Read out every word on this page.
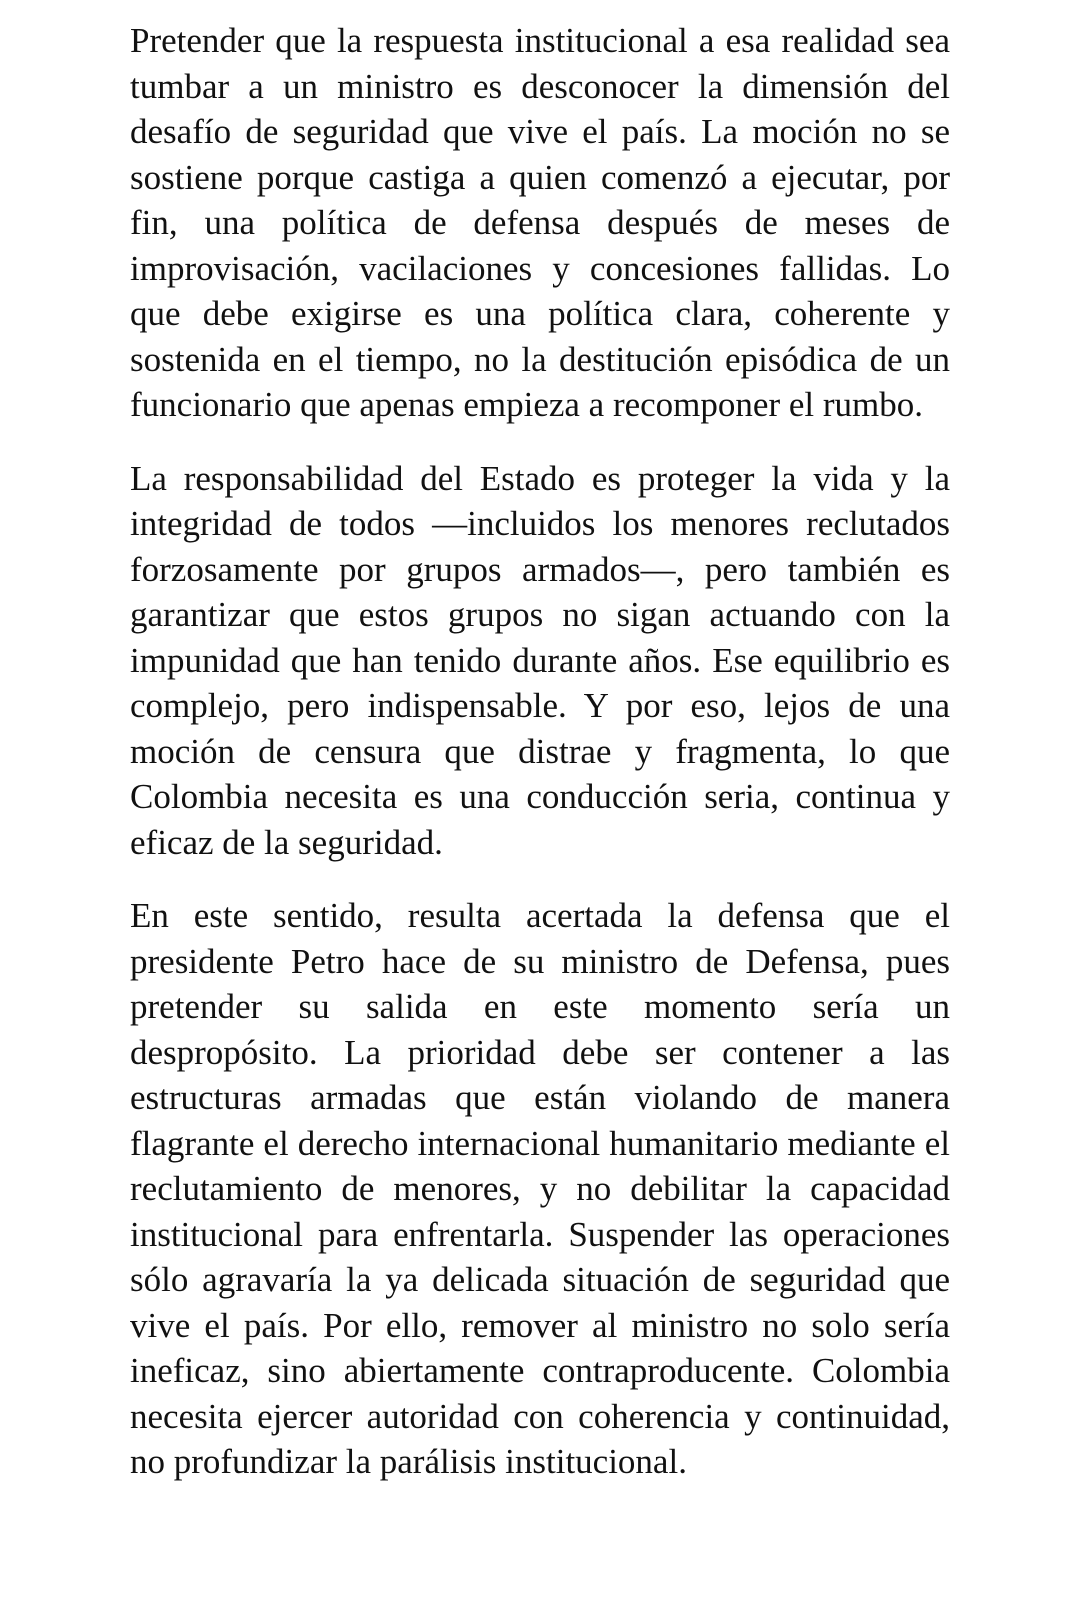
Pretender que la respuesta institucional a esa realidad sea tumbar a un ministro es desconocer la dimensión del desafío de seguridad que vive el país. La moción no se sostiene porque castiga a quien comenzó a ejecutar, por fin, una política de defensa después de meses de improvisación, vacilaciones y concesiones fallidas. Lo que debe exigirse es una política clara, coherente y sostenida en el tiempo, no la destitución episódica de un funcionario que apenas empieza a recomponer el rumbo.

La responsabilidad del Estado es proteger la vida y la integridad de todos —incluidos los menores reclutados forzosamente por grupos armados—, pero también es garantizar que estos grupos no sigan actuando con la impunidad que han tenido durante años. Ese equilibrio es complejo, pero indispensable. Y por eso, lejos de una moción de censura que distrae y fragmenta, lo que Colombia necesita es una conducción seria, continua y eficaz de la seguridad.

En este sentido, resulta acertada la defensa que el presidente Petro hace de su ministro de Defensa, pues pretender su salida en este momento sería un despropósito. La prioridad debe ser contener a las estructuras armadas que están violando de manera flagrante el derecho internacional humanitario mediante el reclutamiento de menores, y no debilitar la capacidad institucional para enfrentarla. Suspender las operaciones sólo agravaría la ya delicada situación de seguridad que vive el país. Por ello, remover al ministro no solo sería ineficaz, sino abiertamente contraproducente. Colombia necesita ejercer autoridad con coherencia y continuidad, no profundizar la parálisis institucional.
